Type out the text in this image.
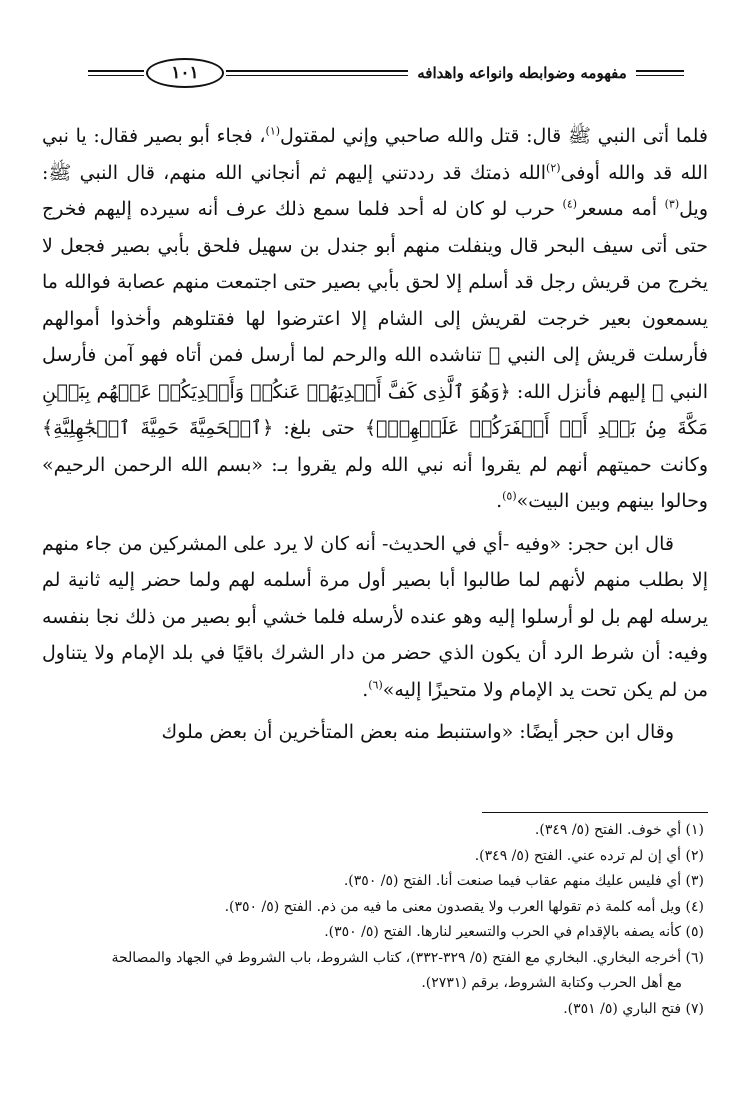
١٠١	مفهومه وضوابطه وانواعه واهدافه

فلما أتى النبي ﷺ قال: قتل والله صاحبي وإني لمقتول$^{(١)}$، فجاء أبو بصير فقال: يا نبي الله قد والله أوفى$^{(٢)}$الله ذمتك قد رددتني إليهم ثم أنجاني الله منهم، قال النبي ﷺ: ويل$^{(٣)}$ أمه مسعر$^{(٤)}$ حرب لو كان له أحد فلما سمع ذلك عرف أنه سيرده إليهم فخرج حتى أتى سيف البحر قال وينفلت منهم أبو جندل بن سهيل فلحق بأبي بصير فجعل لا يخرج من قريش رجل قد أسلم إلا لحق بأبي بصير حتى اجتمعت منهم عصابة فوالله ما يسمعون بعير خرجت لقريش إلى الشام إلا اعترضوا لها فقتلوهم وأخذوا أموالهم فأرسلت قريش إلى النبي ﷺ تناشده الله والرحم لما أرسل فمن أتاه فهو آمن فأرسل النبي ﷺ إليهم فأنزل الله: ﴿وَهُوَ ٱلَّذِى كَفَّ أَيۡدِيَهُمۡ عَنكُمۡ وَأَيۡدِيَكُمۡ عَنۡهُم بِبَطۡنِ مَكَّةَ مِنۢ بَعۡدِ أَنۡ أَظۡفَرَكُمۡ عَلَيۡهِمۡۚ﴾ حتى بلغ: ﴿ٱلۡحَمِيَّةَ حَمِيَّةَ ٱلۡجَٰهِلِيَّةِ﴾ وكانت حميتهم أنهم لم يقروا أنه نبي الله ولم يقروا بـ: «بسم الله الرحمن الرحيم» وحالوا بينهم وبين البيت»$^{(٥)}$.

قال ابن حجر: «وفيه -أي في الحديث- أنه كان لا يرد على المشركين من جاء منهم إلا بطلب منهم لأنهم لما طالبوا أبا بصير أول مرة أسلمه لهم ولما حضر إليه ثانية لم يرسله لهم بل لو أرسلوا إليه وهو عنده لأرسله فلما خشي أبو بصير من ذلك نجا بنفسه وفيه: أن شرط الرد أن يكون الذي حضر من دار الشرك باقيًا في بلد الإمام ولا يتناول من لم يكن تحت يد الإمام ولا متحيزًا إليه»$^{(٦)}$.

وقال ابن حجر أيضًا: «واستنبط منه بعض المتأخرين أن بعض ملوك

(١) أي خوف. الفتح (٥/ ٣٤٩).

(٢) أي إن لم ترده عني. الفتح (٥/ ٣٤٩).

(٣) أي فليس عليك منهم عقاب فيما صنعت أنا. الفتح (٥/ ٣٥٠).

(٤) ويل أمه كلمة ذم تقولها العرب ولا يقصدون معنى ما فيه من ذم. الفتح (٥/ ٣٥٠).

(٥) كأنه يصفه بالإقدام في الحرب والتسعير لنارها. الفتح (٥/ ٣٥٠).

(٦) أخرجه البخاري. البخاري مع الفتح (٥/ ٣٢٩-٣٣٢)، كتاب الشروط، باب الشروط في الجهاد والمصالحة

مع أهل الحرب وكتابة الشروط، برقم (٢٧٣١).

(٧) فتح الباري (٥/ ٣٥١).
